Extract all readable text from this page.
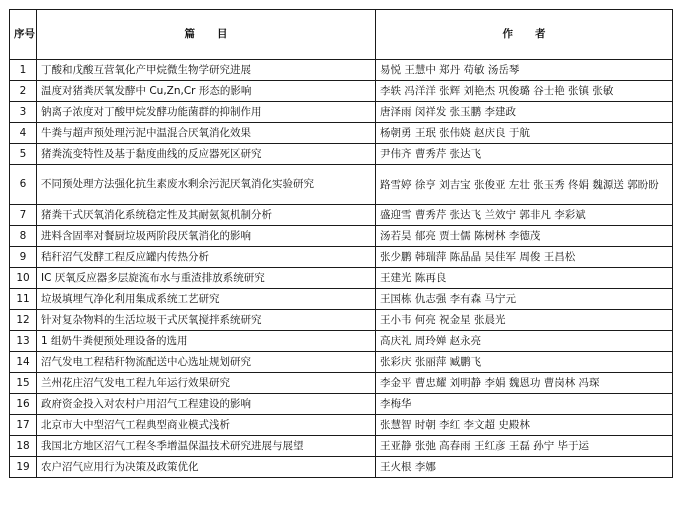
序号	篇目	作者
1	丁酸和戊酸互营氧化产甲烷微生物学研究进展	易悦 王慧中 郑丹 苟敏 汤岳琴
2	温度对猪粪厌氧发酵中 Cu,Zn,Cr 形态的影响	李轶 冯洋洋 张辉 刘艳杰 巩俊璐 谷士艳 张镇 张敏
3	钠离子浓度对丁酸甲烷发酵功能菌群的抑制作用	唐泽雨 闵祥发 张玉鹏 李建政
4	牛粪与超声预处理污泥中温混合厌氧消化效果	杨朝勇 王珉 张伟娆 赵庆良 于航
5	猪粪流变特性及基于黏度曲线的反应器死区研究	尹伟齐 曹秀芹 张达飞
6	不同预处理方法强化抗生素废水剩余污泥厌氧消化实验研究	路雪婷 徐亨 刘吉宝 张俊亚 左壮 张玉秀 佟娟 魏源送 郭盼盼
7	猪粪干式厌氧消化系统稳定性及其耐氨氮机制分析	盛迎雪 曹秀芹 张达飞 兰效宁 郭非凡 李彩斌
8	进料含固率对餐厨垃圾两阶段厌氧消化的影响	汤若昊 郁亮 贾士儒 陈树林 李德茂
9	秸秆沼气发酵工程反应罐内传热分析	张少鹏 韩瑞萍 陈晶晶 吴佳军 周俊 王昌松
10	IC 厌氧反应器多层旋流布水与重渣排放系统研究	王建光 陈再良
11	垃圾填埋气净化利用集成系统工艺研究	王国栋 仇志强 李有森 马宁元
12	针对复杂物料的生活垃圾干式厌氧搅拌系统研究	王小韦 何亮 祝金星 张晨光
13	1 组奶牛粪便预处理设备的选用	高庆礼 周玲婵 赵永亮
14	沼气发电工程秸秆物流配送中心选址规划研究	张彩庆 张丽萍 臧鹏飞
15	兰州花庄沼气发电工程九年运行效果研究	李金平 曹忠耀 刘明静 李娟 魏恩功 曹岗林 冯琛
16	政府资金投入对农村户用沼气工程建设的影响	李梅华
17	北京市大中型沼气工程典型商业模式浅析	张慧智 时朝 李红 李文超 史殿林
18	我国北方地区沼气工程冬季增温保温技术研究进展与展望	王亚静 张弛 高春雨 王红彦 王磊 孙宁 毕于运
19	农户沼气应用行为决策及政策优化	王火根 李娜
